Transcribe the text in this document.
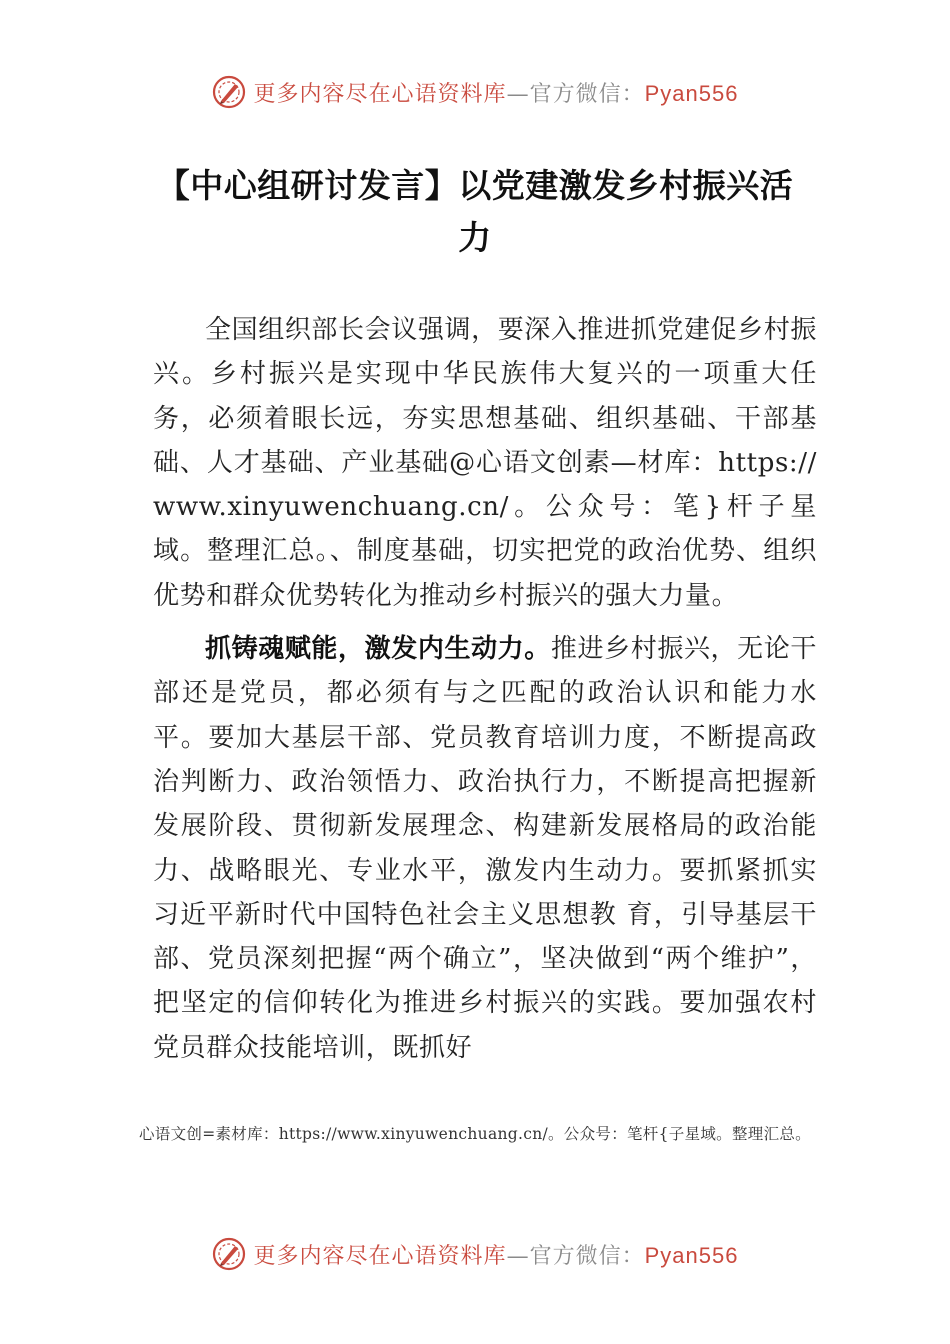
更多内容尽在心语资料库—官方微信：Pyan556
【中心组研讨发言】以党建激发乡村振兴活力

全国组织部长会议强调，要深入推进抓党建促乡村振兴。乡村振兴是实现中华民族伟大复兴的一项重大任务，必须着眼长远，夯实思想基础、组织基础、干部基础、人才基础、产业基础@心语文创素—材库：https://www.xinyuwenchuang.cn/。公众号：笔}杆子星域。整理汇总。、制度基础，切实把党的政治优势、组织优势和群众优势转化为推动乡村振兴的强大力量。

抓铸魂赋能，激发内生动力。推进乡村振兴，无论干部还是党员，都必须有与之匹配的政治认识和能力水平。要加大基层干部、党员教育培训力度，不断提高政治判断力、政治领悟力、政治执行力，不断提高把握新发展阶段、贯彻新发展理念、构建新发展格局的政治能力、战略眼光、专业水平，激发内生动力。要抓紧抓实习近平新时代中国特色社会主义思想教 育，引导基层干部、党员深刻把握“两个确立”，坚决做到“两个维护”，把坚定的信仰转化为推进乡村振兴的实践。要加强农村党员群众技能培训，既抓好

心语文创=素材库：https://www.xinyuwenchuang.cn/。公众号：笔杆{子星域。整理汇总。
更多内容尽在心语资料库—官方微信：Pyan556
